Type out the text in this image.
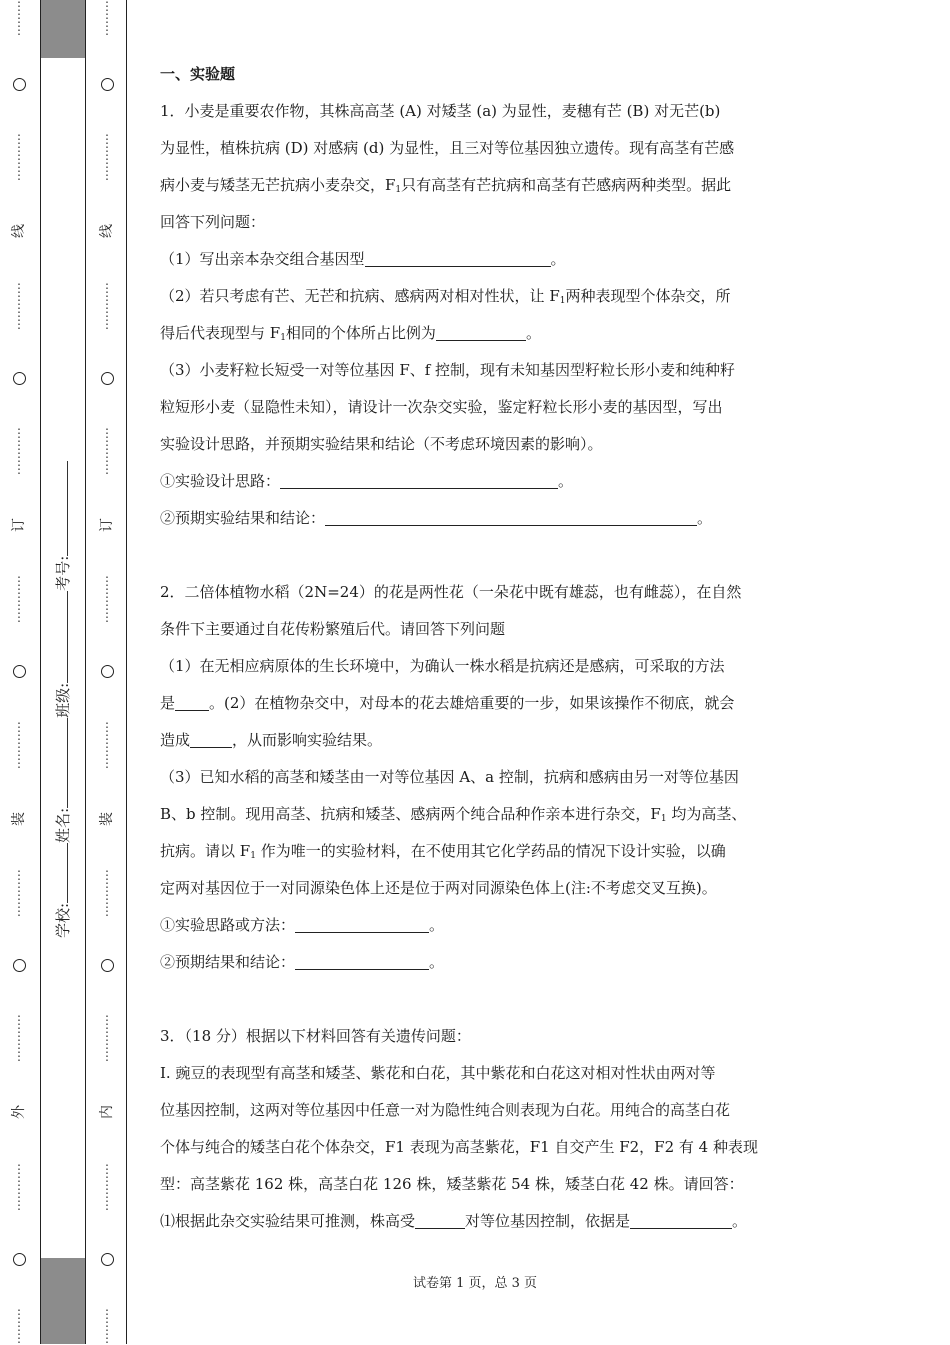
⋮
⋮
⋮
⋮
⋮
⋮
⋮
线
⋮
⋮
⋮
⋮
⋮
⋮
⋮
⋮
订
⋮
⋮
⋮
⋮
⋮
⋮
⋮
⋮
装
⋮
⋮
⋮
⋮
⋮
⋮
⋮
⋮
外
⋮
⋮
⋮
⋮
⋮
⋮
⋮
⋮
⋮
⋮
⋮
⋮
⋮
⋮
线
⋮
⋮
⋮
⋮
⋮
⋮
⋮
⋮
订
⋮
⋮
⋮
⋮
⋮
⋮
⋮
⋮
装
⋮
⋮
⋮
⋮
⋮
⋮
⋮
⋮
内
⋮
⋮
⋮
⋮
⋮
⋮
⋮
学校:姓名:班级:考号:

一、实验题

1．小麦是重要农作物，其株高高茎 (A) 对矮茎 (a) 为显性，麦穗有芒 (B) 对无芒(b)

为显性，植株抗病 (D) 对感病 (d) 为显性，且三对等位基因独立遗传。现有高茎有芒感

病小麦与矮茎无芒抗病小麦杂交，$F_1$只有高茎有芒抗病和高茎有芒感病两种类型。据此

回答下列问题：

（1）写出亲本杂交组合基因型	。

（2）若只考虑有芒、无芒和抗病、感病两对相对性状，让 $F_1$两种表现型个体杂交，所

得后代表现型与 $F_1$相同的个体所占比例为	。

（3）小麦籽粒长短受一对等位基因 F、f 控制，现有未知基因型籽粒长形小麦和纯种籽

粒短形小麦（显隐性未知），请设计一次杂交实验，鉴定籽粒长形小麦的基因型，写出

实验设计思路，并预期实验结果和结论（不考虑环境因素的影响）。

①实验设计思路：	。

②预期实验结果和结论：	。

2．二倍体植物水稻（2N=24）的花是两性花（一朵花中既有雄蕊，也有雌蕊），在自然

条件下主要通过自花传粉繁殖后代。请回答下列问题

（1）在无相应病原体的生长环境中，为确认一株水稻是抗病还是感病，可采取的方法

是 。(2）在植物杂交中，对母本的花去雄焙重要的一步，如果该操作不彻底，就会

造成	，从而影响实验结果。

（3）已知水稻的高茎和矮茎由一对等位基因 A、a 控制，抗病和感病由另一对等位基因

B、b 控制。现用高茎、抗病和矮茎、感病两个纯合品种作亲本进行杂交，$F_1$ 均为高茎、

抗病。请以 $F_1$ 作为唯一的实验材料，在不使用其它化学药品的情况下设计实验，以确

定两对基因位于一对同源染色体上还是位于两对同源染色体上(注:不考虑交叉互换)。

①实验思路或方法：	。

②预期结果和结论：	。

3．（18 分）根据以下材料回答有关遗传问题：

Ⅰ. 豌豆的表现型有高茎和矮茎、紫花和白花，其中紫花和白花这对相对性状由两对等

位基因控制，这两对等位基因中任意一对为隐性纯合则表现为白花。用纯合的高茎白花

个体与纯合的矮茎白花个体杂交，F1 表现为高茎紫花，F1 自交产生 F2，F2 有 4 种表现

型：高茎紫花 162 株，高茎白花 126 株，矮茎紫花 54 株，矮茎白花 42 株。请回答：

⑴根据此杂交实验结果可推测，株高受	对等位基因控制，依据是	。

试卷第 1 页，总 3 页
